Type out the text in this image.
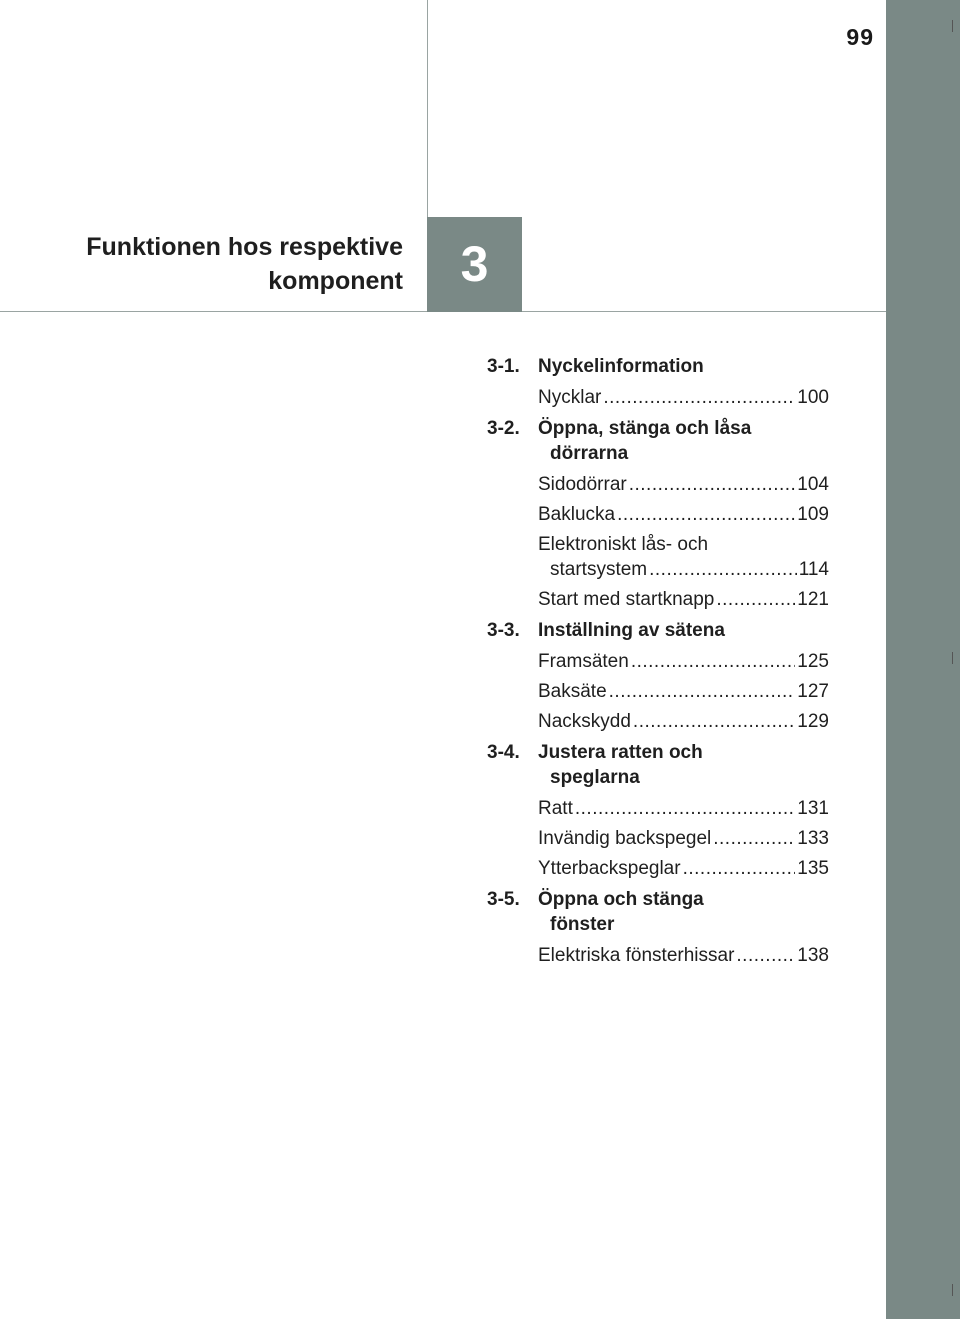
99
3
Funktionen hos respektive
komponent
3-1. Nyckelinformation
Nycklar .....	100
3-2. Öppna, stänga och låsa
dörrarna
Sidodörrar .....	104
Baklucka .....	109
Elektroniskt lås- och
startsystem .....	114
Start med startknapp .....	121
3-3. Inställning av sätena
Framsäten .....	125
Baksäte .....	127
Nackskydd .....	129
3-4. Justera ratten och
speglarna
Ratt .....	131
Invändig backspegel .....	133
Ytterbackspeglar .....	135
3-5. Öppna och stänga
fönster
Elektriska fönsterhissar .....	138
